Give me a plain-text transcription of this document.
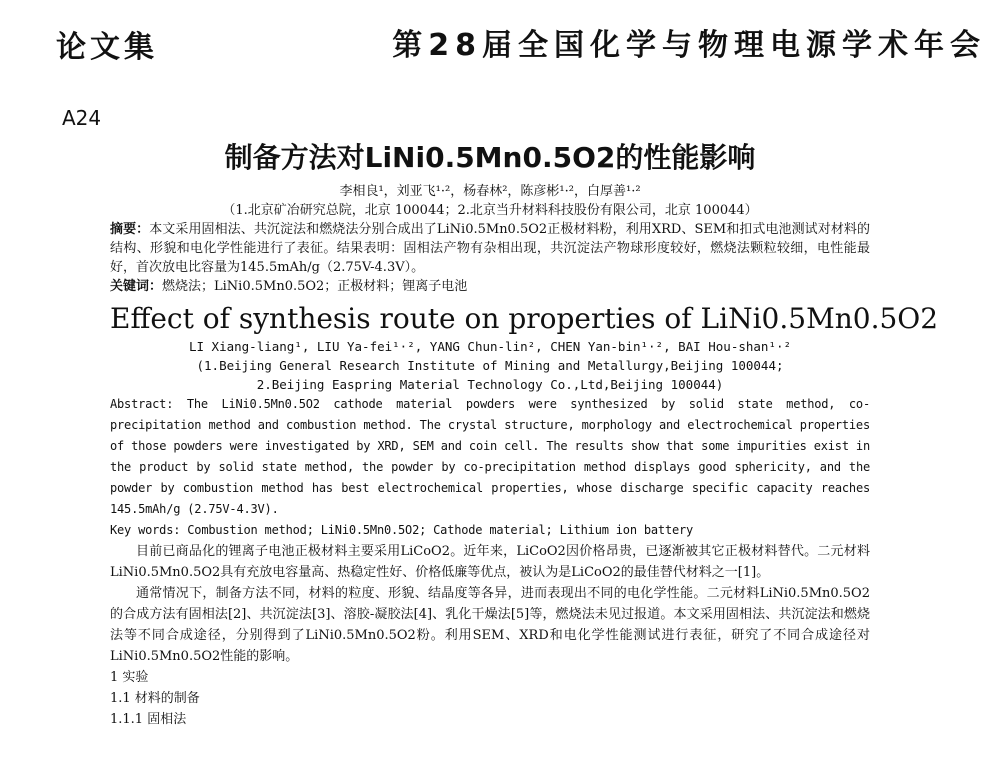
论文集	第28届全国化学与物理电源学术年会
A24
制备方法对LiNi0.5Mn0.5O2的性能影响
李相良¹，刘亚飞¹·²，杨春林²，陈彦彬¹·²，白厚善¹·²
（1.北京矿冶研究总院，北京 100044；2.北京当升材料科技股份有限公司，北京 100044）
摘要：本文采用固相法、共沉淀法和燃烧法分别合成出了LiNi0.5Mn0.5O2正极材料粉，利用XRD、SEM和扣式电池测试对材料的结构、形貌和电化学性能进行了表征。结果表明：固相法产物有杂相出现，共沉淀法产物球形度较好，燃烧法颗粒较细，电性能最好，首次放电比容量为145.5mAh/g（2.75V-4.3V）。
关键词：燃烧法；LiNi0.5Mn0.5O2；正极材料；锂离子电池
Effect of synthesis route on properties of LiNi0.5Mn0.5O2
LI Xiang-liang¹, LIU Ya-fei¹·², YANG Chun-lin², CHEN Yan-bin¹·², BAI Hou-shan¹·²
(1.Beijing General Research Institute of Mining and Metallurgy,Beijing 100044;
2.Beijing Easpring Material Technology Co.,Ltd,Beijing 100044)
Abstract: The LiNi0.5Mn0.5O2 cathode material powders were synthesized by solid state method, co-precipitation method and combustion method. The crystal structure, morphology and electrochemical properties of those powders were investigated by XRD, SEM and coin cell. The results show that some impurities exist in the product by solid state method, the powder by co-precipitation method displays good sphericity, and the powder by combustion method has best electrochemical properties, whose discharge specific capacity reaches 145.5mAh/g (2.75V-4.3V).
Key words: Combustion method; LiNi0.5Mn0.5O2; Cathode material; Lithium ion battery
目前已商品化的锂离子电池正极材料主要采用LiCoO2。近年来，LiCoO2因价格昂贵，已逐渐被其它正极材料替代。二元材料LiNi0.5Mn0.5O2具有充放电容量高、热稳定性好、价格低廉等优点，被认为是LiCoO2的最佳替代材料之一[1]。
通常情况下，制备方法不同，材料的粒度、形貌、结晶度等各异，进而表现出不同的电化学性能。二元材料LiNi0.5Mn0.5O2的合成方法有固相法[2]、共沉淀法[3]、溶胶-凝胶法[4]、乳化干燥法[5]等，燃烧法未见过报道。本文采用固相法、共沉淀法和燃烧法等不同合成途径，分别得到了LiNi0.5Mn0.5O2粉。利用SEM、XRD和电化学性能测试进行表征，研究了不同合成途径对LiNi0.5Mn0.5O2性能的影响。
1 实验
1.1 材料的制备
1.1.1 固相法
